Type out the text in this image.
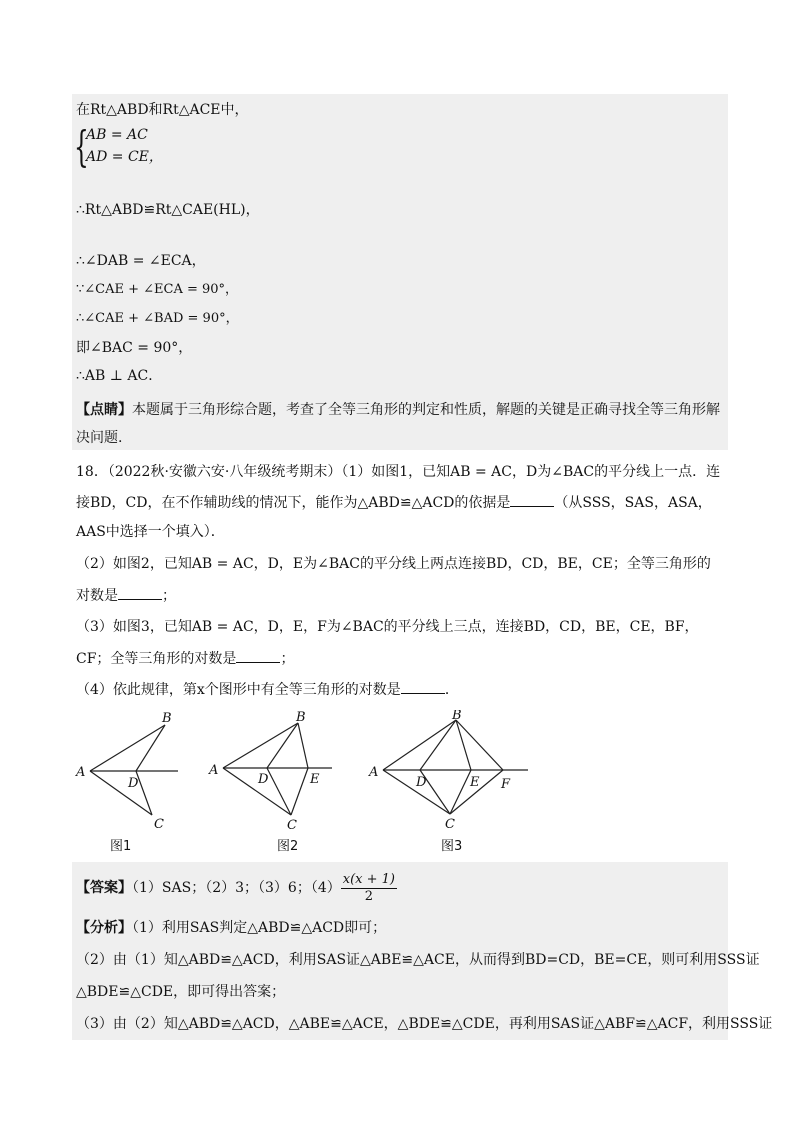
在Rt△ABD和Rt△ACE中，
{
AB = AC
AD = CE，
∴Rt△ABD≌Rt△CAE(HL)，
∴∠DAB = ∠ECA，
∵∠CAE + ∠ECA = 90°，
∴∠CAE + ∠BAD = 90°，
即∠BAC = 90°，
∴AB ⊥ AC．
【点睛】本题属于三角形综合题，考查了全等三角形的判定和性质，解题的关键是正确寻找全等三角形解
决问题.
18．（2022秋·安徽六安·八年级统考期末）（1）如图1，已知AB = AC，D为∠BAC的平分线上一点．连
接BD，CD，在不作辅助线的情况下，能作为△ABD≌△ACD的依据是	（从SSS，SAS，ASA，
AAS中选择一个填入）．
（2）如图2，已知AB = AC，D，E为∠BAC的平分线上两点连接BD，CD，BE，CE；全等三角形的
对数是	；
（3）如图3，已知AB = AC，D，E，F为∠BAC的平分线上三点，连接BD，CD，BE，CE，BF，
CF；全等三角形的对数是	；
（4）依此规律，第x个图形中有全等三角形的对数是	．
A
B
C
D
图1
A
B
C
D	E
图2
A
B
C
D	E F
图3
【答案】（1）SAS；（2）3；（3）6；$(4) \frac{x(x + 1)}{2}$
【分析】（1）利用SAS判定△ABD≌△ACD即可；
（2）由（1）知△ABD≌△ACD，利用SAS证△ABE≌△ACE，从而得到BD=CD，BE=CE，则可利用SSS证
△BDE≌△CDE，即可得出答案；
（3）由（2）知△ABD≌△ACD，△ABE≌△ACE，△BDE≌△CDE，再利用SAS证△ABF≌△ACF，利用SSS证
